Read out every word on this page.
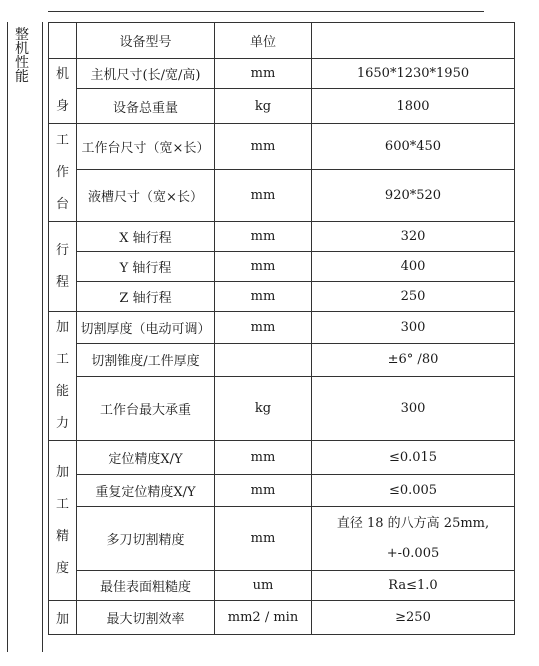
整机性能
	设备型号	单位	

机身	主机尺寸(长/宽/高)	mm	1650*1230*1950
	设备总重量	kg	1800

工作台	工作台尺寸（宽×长）	mm	600*450
	液槽尺寸（宽×长）	mm	920*520

行程	X 轴行程	mm	320
	Y 轴行程	mm	400
	Z 轴行程	mm	250

加工能力	切割厚度（电动可调）	mm	300
	切割锥度/工件厚度		±6° /80
	工作台最大承重	kg	300

加工精度	定位精度X/Y	mm	≤0.015
	重复定位精度X/Y	mm	≤0.005
	多刀切割精度	mm	直径 18 的八方高 25mm,
+-0.005

	最佳表面粗糙度	um	Ra≤1.0
加	最大切割效率	mm2 / min	≥250
